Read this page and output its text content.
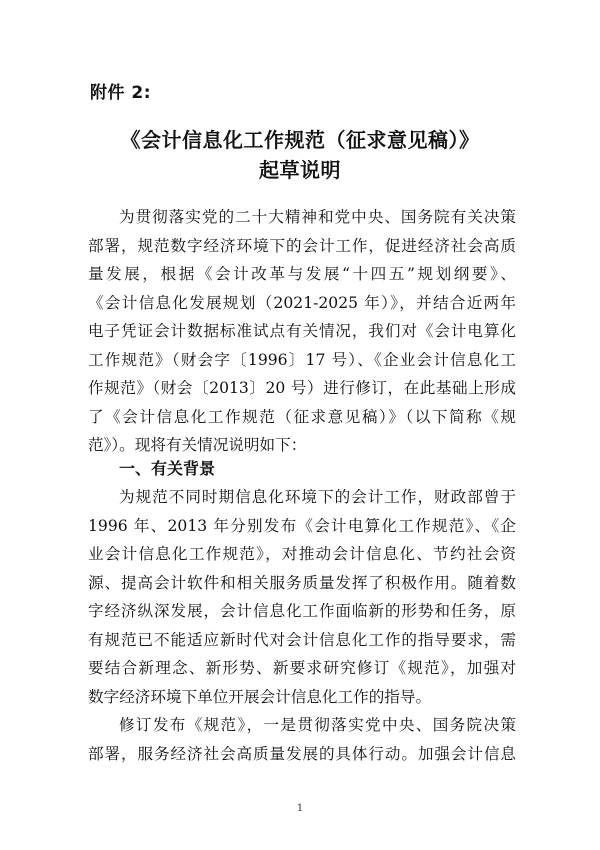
附件 2:
《会计信息化工作规范（征求意见稿）》
起草说明
为贯彻落实党的二十大精神和党中央、国务院有关决策
部署，规范数字经济环境下的会计工作，促进经济社会高质
量发展，根据《会计改革与发展“十四五”规划纲要》、
《会计信息化发展规划（2021-2025 年）》，并结合近两年
电子凭证会计数据标准试点有关情况，我们对《会计电算化
工作规范》（财会字〔1996〕17 号）、《企业会计信息化工
作规范》（财会〔2013〕20 号）进行修订，在此基础上形成
了《会计信息化工作规范（征求意见稿）》（以下简称《规
范》）。现将有关情况说明如下：
一、有关背景
为规范不同时期信息化环境下的会计工作，财政部曾于
1996 年、2013 年分别发布《会计电算化工作规范》、《企
业会计信息化工作规范》，对推动会计信息化、节约社会资
源、提高会计软件和相关服务质量发挥了积极作用。随着数
字经济纵深发展，会计信息化工作面临新的形势和任务，原
有规范已不能适应新时代对会计信息化工作的指导要求，需
要结合新理念、新形势、新要求研究修订《规范》，加强对
数字经济环境下单位开展会计信息化工作的指导。
修订发布《规范》，一是贯彻落实党中央、国务院决策
部署，服务经济社会高质量发展的具体行动。加强会计信息
1
